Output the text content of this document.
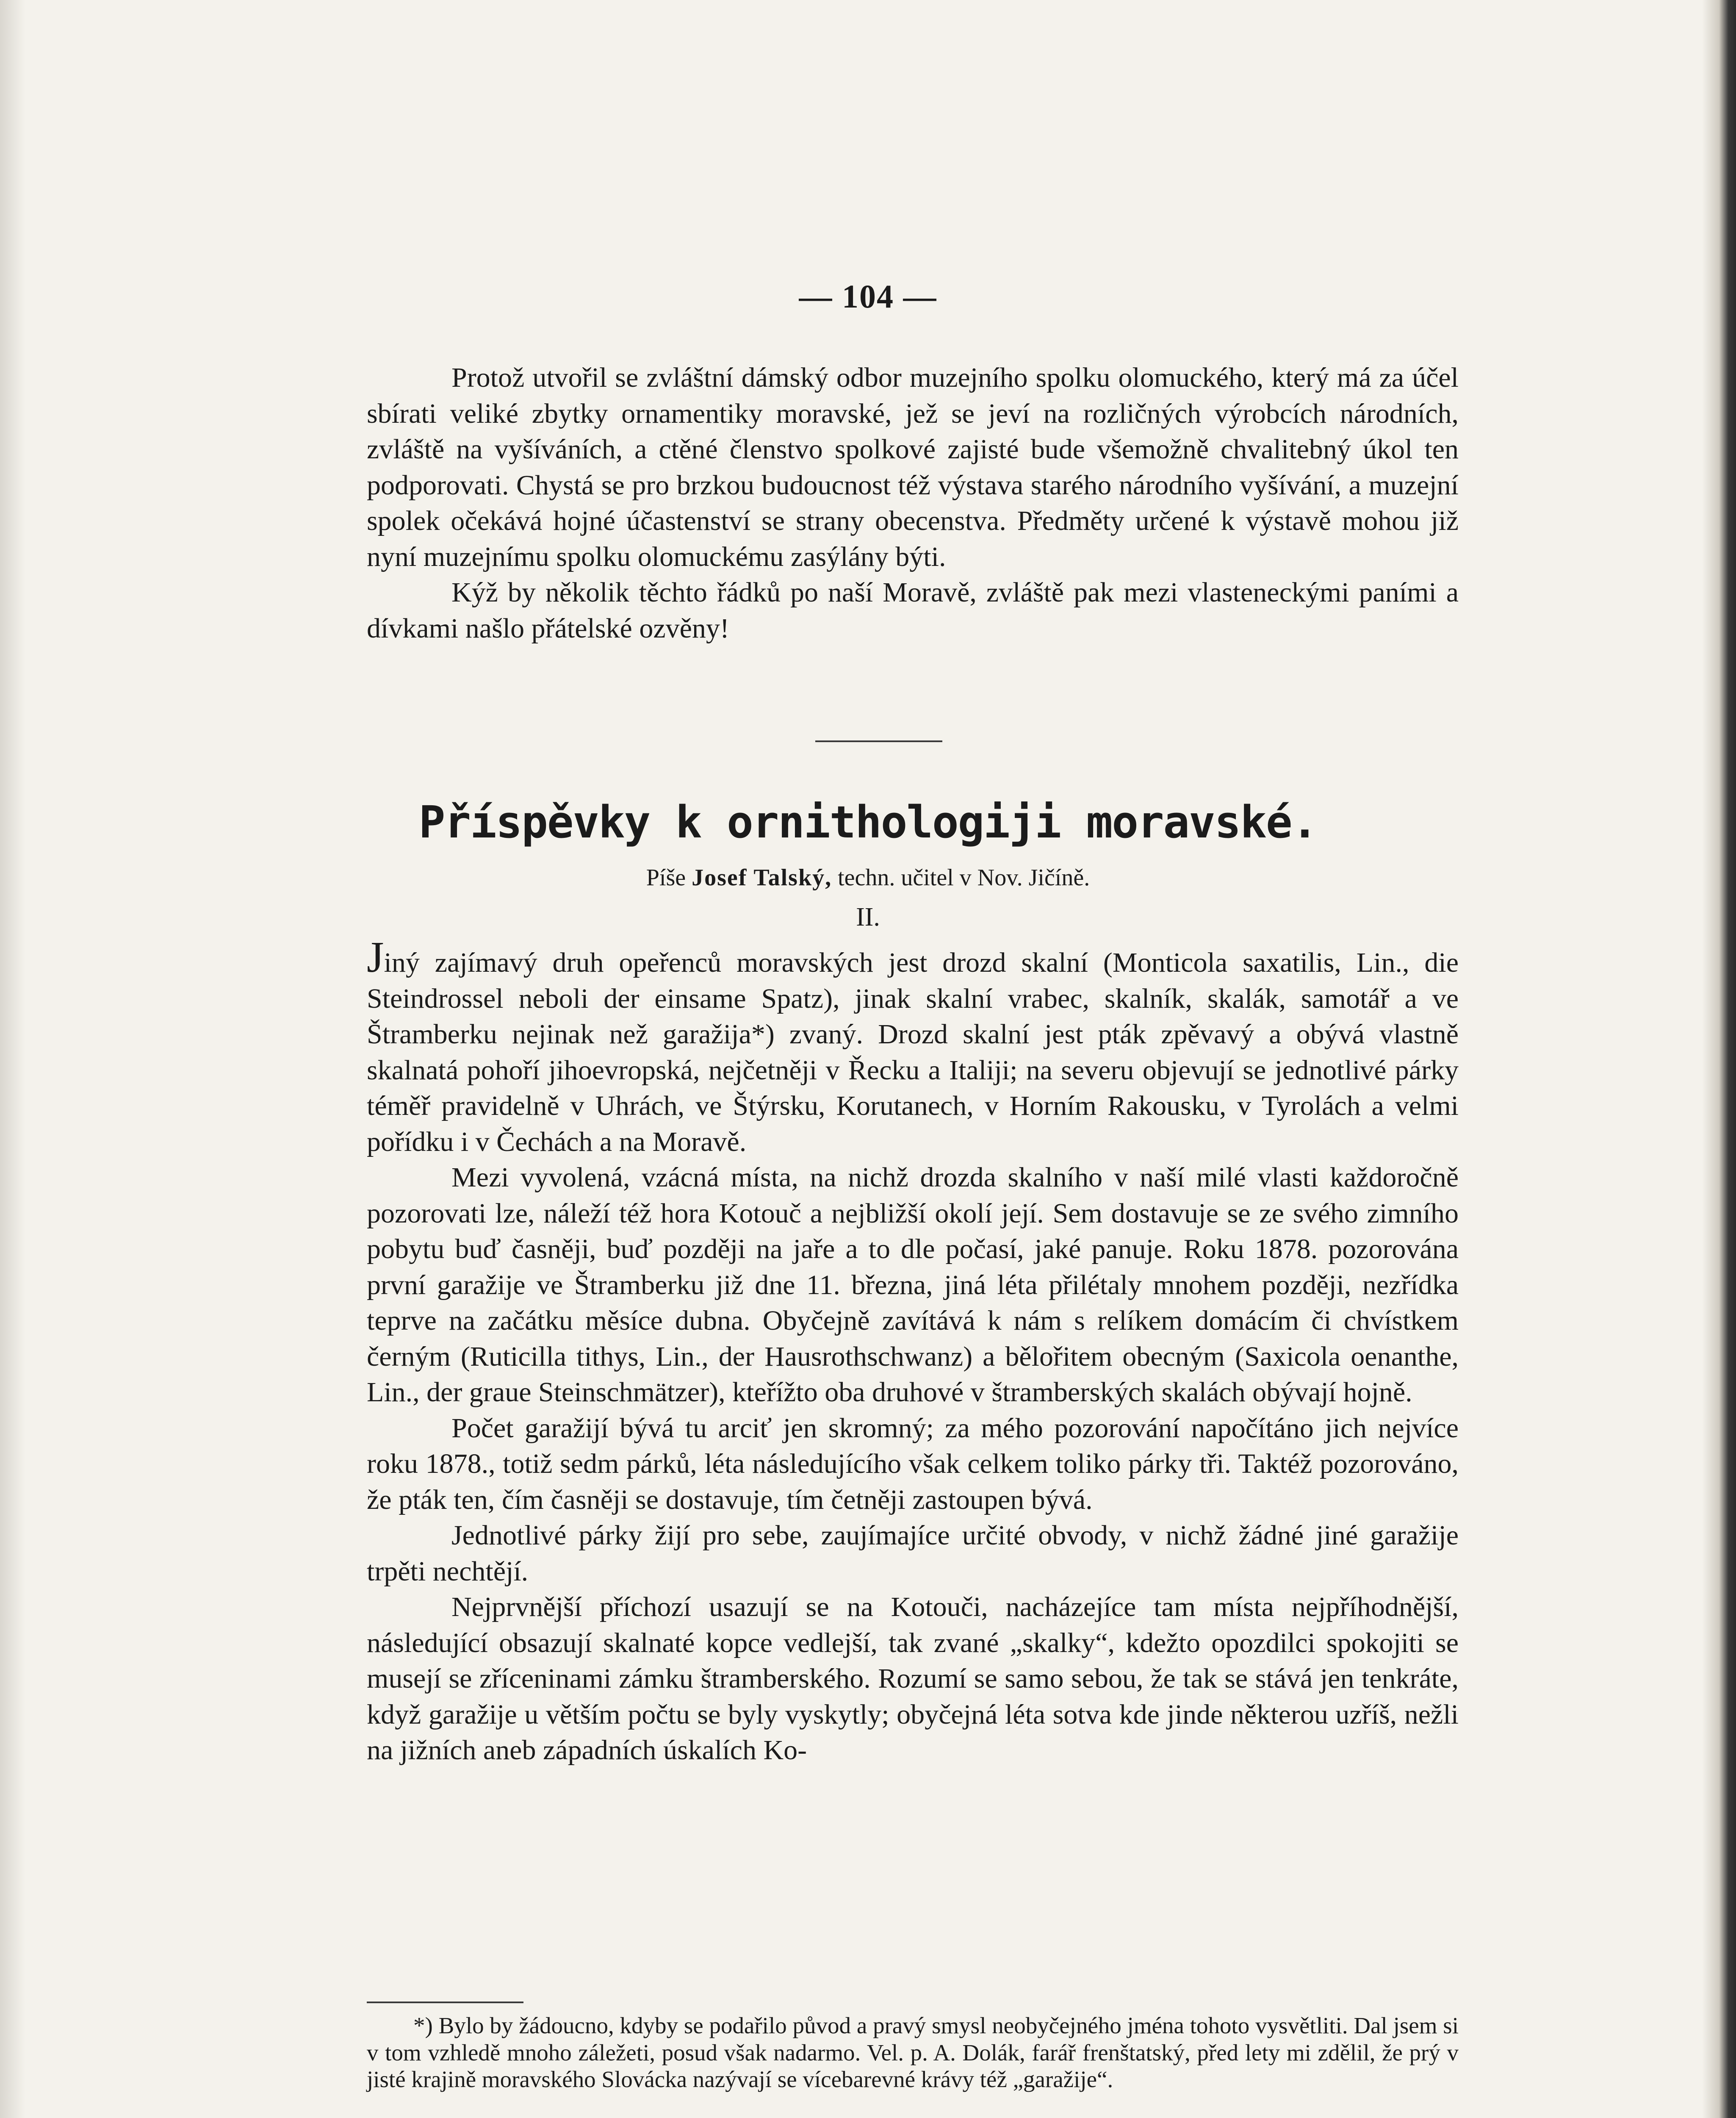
— 104 —

Protož utvořil se zvláštní dámský odbor muzejního spolku olomuckého, který má za účel sbírati veliké zbytky ornamentiky moravské, jež se jeví na rozličných výrobcích národních, zvláště na vyšíváních, a ctěné členstvo spolkové zajisté bude všemožně chvalitebný úkol ten podporovati. Chystá se pro brzkou budoucnost též výstava starého národního vyšívání, a muzejní spolek očekává hojné účastenství se strany obecenstva. Předměty určené k výstavě mohou již nyní muzejnímu spolku olomuckému zasýlány býti.

Kýž by několik těchto řádků po naší Moravě, zvláště pak mezi vlasteneckými paními a dívkami našlo přátelské ozvěny!

Příspěvky k ornithologiji moravské.
Píše Josef Talský, techn. učitel v Nov. Jičíně.
II.

Jiný zajímavý druh opeřenců moravských jest drozd skalní (Monticola saxatilis, Lin., die Steindrossel neboli der einsame Spatz), jinak skalní vrabec, skalník, skalák, samotář a ve Štramberku nejinak než garažija*) zvaný. Drozd skalní jest pták zpěvavý a obývá vlastně skalnatá pohoří jihoevropská, nejčetněji v Řecku a Italiji; na severu objevují se jednotlivé párky téměř pravidelně v Uhrách, ve Štýrsku, Korutanech, v Horním Rakousku, v Tyrolách a velmi pořídku i v Čechách a na Moravě.

Mezi vyvolená, vzácná místa, na nichž drozda skalního v naší milé vlasti každoročně pozorovati lze, náleží též hora Kotouč a nejbližší okolí její. Sem dostavuje se ze svého zimního pobytu buď časněji, buď později na jaře a to dle počasí, jaké panuje. Roku 1878. pozorována první garažije ve Štramberku již dne 11. března, jiná léta přilétaly mnohem později, nezřídka teprve na začátku měsíce dubna. Obyčejně zavítává k nám s relíkem domácím či chvístkem černým (Ruticilla tithys, Lin., der Hausrothschwanz) a bělořitem obecným (Saxicola oenanthe, Lin., der graue Steinschmätzer), kteřížto oba druhové v štramberských skalách obývají hojně.

Počet garažijí bývá tu arciť jen skromný; za mého pozorování napočítáno jich nejvíce roku 1878., totiž sedm párků, léta následujícího však celkem toliko párky tři. Taktéž pozorováno, že pták ten, čím časněji se dostavuje, tím četněji zastoupen bývá.

Jednotlivé párky žijí pro sebe, zaujímajíce určité obvody, v nichž žádné jiné garažije trpěti nechtějí.

Nejprvnější příchozí usazují se na Kotouči, nacházejíce tam místa nejpříhodnější, následující obsazují skalnaté kopce vedlejší, tak zvané „skalky“, kdežto opozdilci spokojiti se musejí se zříceninami zámku štramberského. Rozumí se samo sebou, že tak se stává jen tenkráte, když garažije u větším počtu se byly vyskytly; obyčejná léta sotva kde jinde některou uzříš, nežli na jižních aneb západních úskalích Ko-

*) Bylo by žádoucno, kdyby se podařilo původ a pravý smysl neobyčejného jména tohoto vysvětliti. Dal jsem si v tom vzhledě mnoho záležeti, posud však nadarmo. Vel. p. A. Dolák, farář frenštatský, před lety mi zdělil, že prý v jisté krajině moravského Slovácka nazývají se vícebarevné krávy též „garažije“.
